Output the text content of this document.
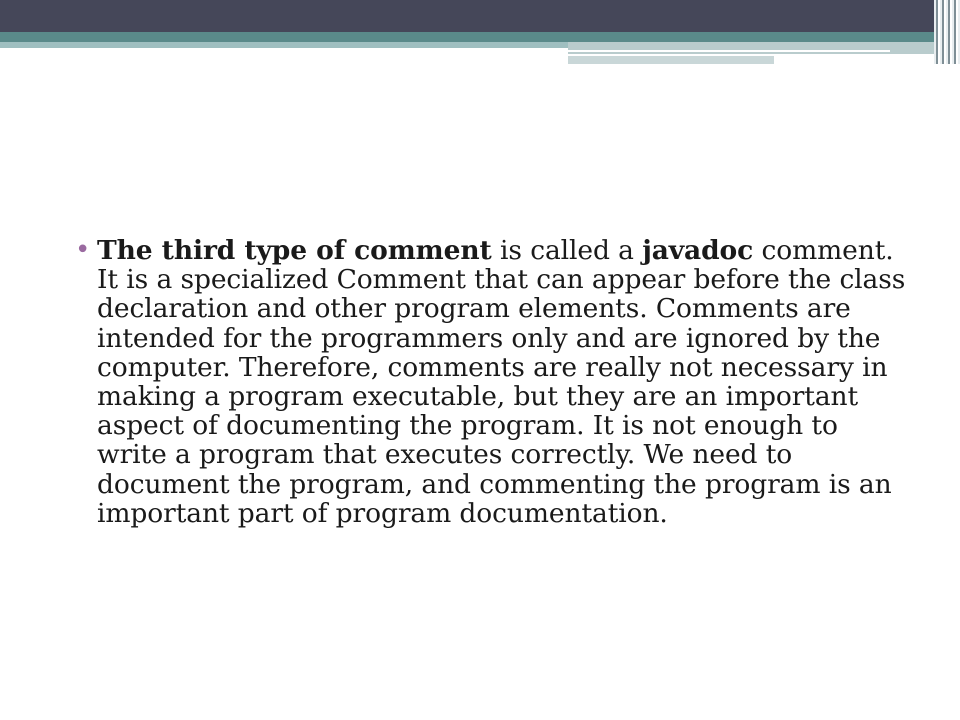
• The third type of comment is called a javadoc comment. It is a specialized Comment that can appear before the class declaration and other program elements. Comments are intended for the programmers only and are ignored by the computer. Therefore, comments are really not necessary in making a program executable, but they are an important aspect of documenting the program. It is not enough to write a program that executes correctly. We need to document the program, and commenting the program is an important part of program documentation.
